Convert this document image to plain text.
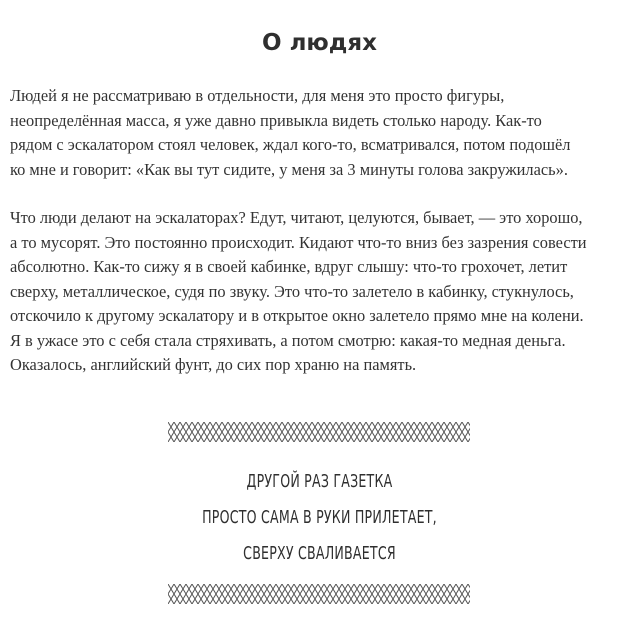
О людях
Людей я не рассматриваю в отдельности, для меня это просто фигуры,
неопределённая масса, я уже давно привыкла видеть столько народу. Как-то
рядом с эскалатором стоял человек, ждал кого-то, всматривался, потом подошёл
ко мне и говорит: «Как вы тут сидите, у меня за 3 минуты голова закружилась».
Что люди делают на эскалаторах? Едут, читают, целуются, бывает, — это хорошо,
а то мусорят. Это постоянно происходит. Кидают что-то вниз без зазрения совести
абсолютно. Как-то сижу я в своей кабинке, вдруг слышу: что-то грохочет, летит
сверху, металлическое, судя по звуку. Это что-то залетело в кабинку, стукнулось,
отскочило к другому эскалатору и в открытое окно залетело прямо мне на колени.
Я в ужасе это с себя стала стряхивать, а потом смотрю: какая-то медная деньга.
Оказалось, английский фунт, до сих пор храню на память.
ДРУГОЙ РАЗ ГАЗЕТКА
ПРОСТО САМА В РУКИ ПРИЛЕТАЕТ,
СВЕРХУ СВАЛИВАЕТСЯ
